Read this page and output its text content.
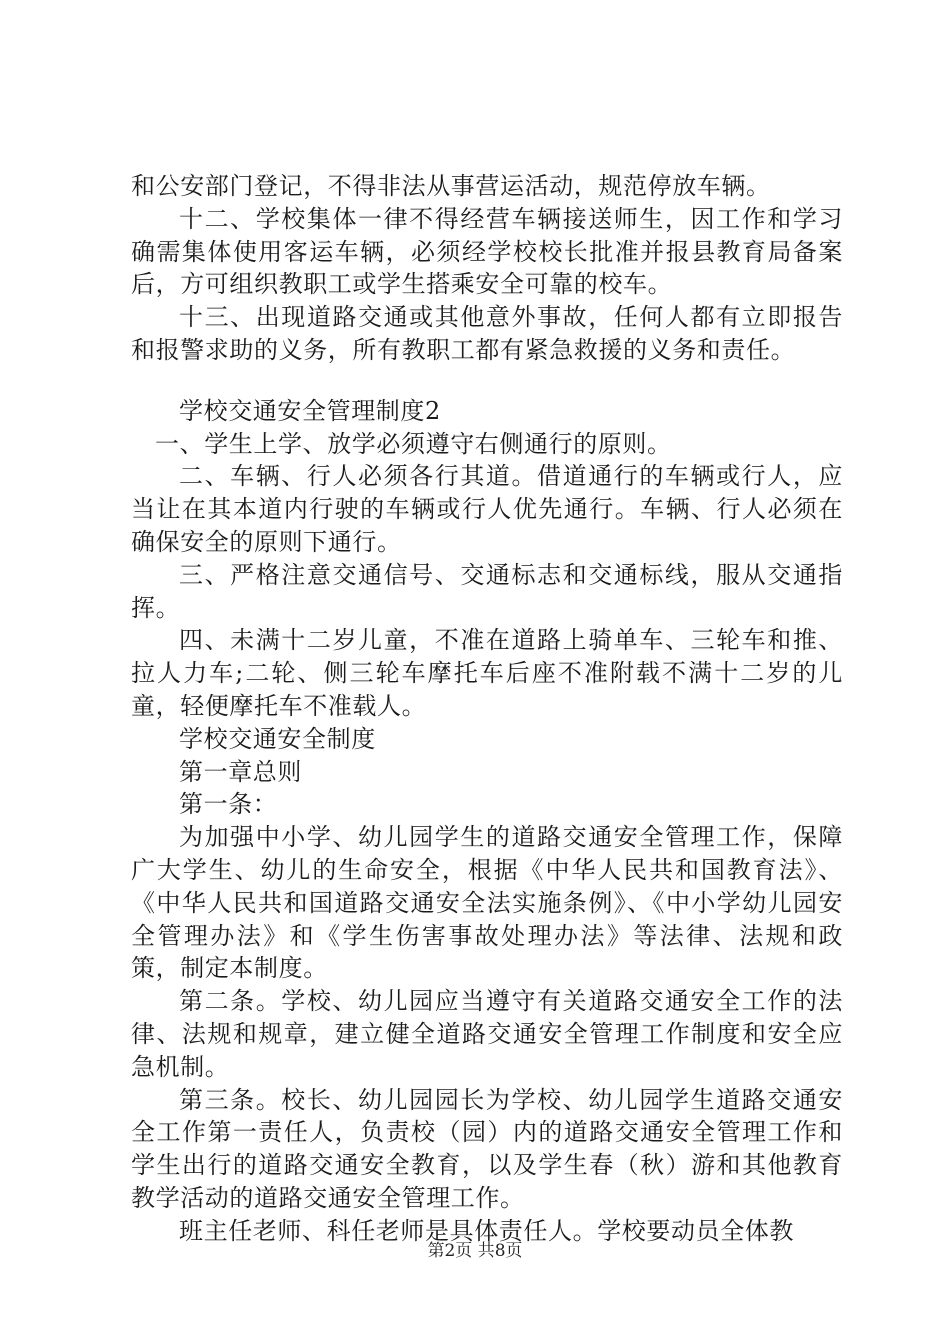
和公安部门登记，不得非法从事营运活动，规范停放车辆。

十二、学校集体一律不得经营车辆接送师生，因工作和学习确需集体使用客运车辆，必须经学校校长批准并报县教育局备案后，方可组织教职工或学生搭乘安全可靠的校车。

十三、出现道路交通或其他意外事故，任何人都有立即报告和报警求助的义务，所有教职工都有紧急救援的义务和责任。

学校交通安全管理制度2

一、学生上学、放学必须遵守右侧通行的原则。

二、车辆、行人必须各行其道。借道通行的车辆或行人，应当让在其本道内行驶的车辆或行人优先通行。车辆、行人必须在确保安全的原则下通行。

三、严格注意交通信号、交通标志和交通标线，服从交通指挥。

四、未满十二岁儿童，不准在道路上骑单车、三轮车和推、拉人力车;二轮、侧三轮车摩托车后座不准附载不满十二岁的儿童，轻便摩托车不准载人。

学校交通安全制度

第一章总则

第一条：

为加强中小学、幼儿园学生的道路交通安全管理工作，保障广大学生、幼儿的生命安全，根据《中华人民共和国教育法》、《中华人民共和国道路交通安全法实施条例》、《中小学幼儿园安全管理办法》和《学生伤害事故处理办法》等法律、法规和政策，制定本制度。

第二条。学校、幼儿园应当遵守有关道路交通安全工作的法律、法规和规章，建立健全道路交通安全管理工作制度和安全应急机制。

第三条。校长、幼儿园园长为学校、幼儿园学生道路交通安全工作第一责任人，负责校（园）内的道路交通安全管理工作和学生出行的道路交通安全教育，以及学生春（秋）游和其他教育教学活动的道路交通安全管理工作。

班主任老师、科任老师是具体责任人。学校要动员全体教

第2页 共8页
